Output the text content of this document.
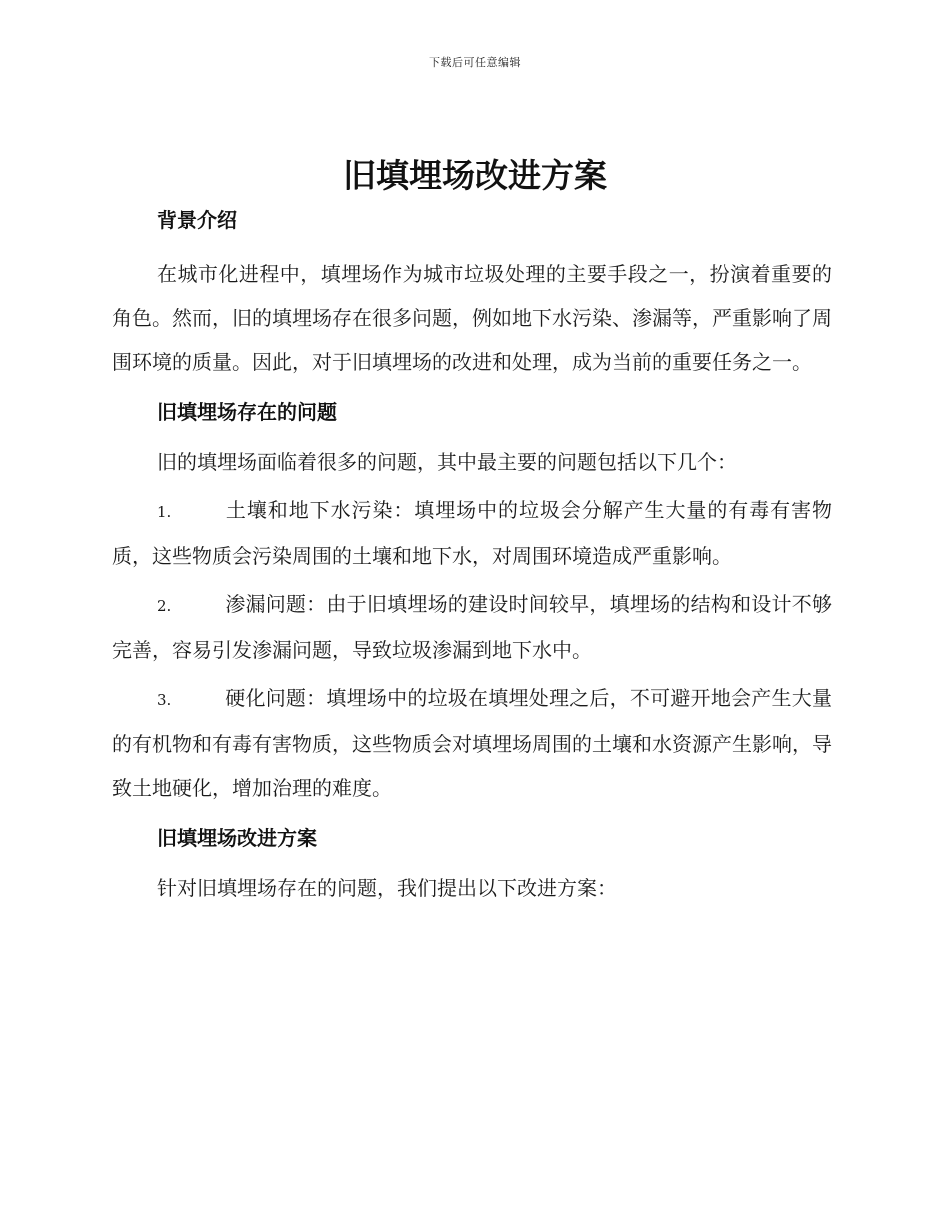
下载后可任意编辑
旧填埋场改进方案
背景介绍

在城市化进程中，填埋场作为城市垃圾处理的主要手段之一，扮演着重要的角色。然而，旧的填埋场存在很多问题，例如地下水污染、渗漏等，严重影响了周围环境的质量。因此，对于旧填埋场的改进和处理，成为当前的重要任务之一。

旧填埋场存在的问题

旧的填埋场面临着很多的问题，其中最主要的问题包括以下几个：

1.	土壤和地下水污染：填埋场中的垃圾会分解产生大量的有毒有害物质，这些物质会污染周围的土壤和地下水，对周围环境造成严重影响。

2.	渗漏问题：由于旧填埋场的建设时间较早，填埋场的结构和设计不够完善，容易引发渗漏问题，导致垃圾渗漏到地下水中。

3.	硬化问题：填埋场中的垃圾在填埋处理之后，不可避开地会产生大量的有机物和有毒有害物质，这些物质会对填埋场周围的土壤和水资源产生影响，导致土地硬化，增加治理的难度。

旧填埋场改进方案

针对旧填埋场存在的问题，我们提出以下改进方案：
